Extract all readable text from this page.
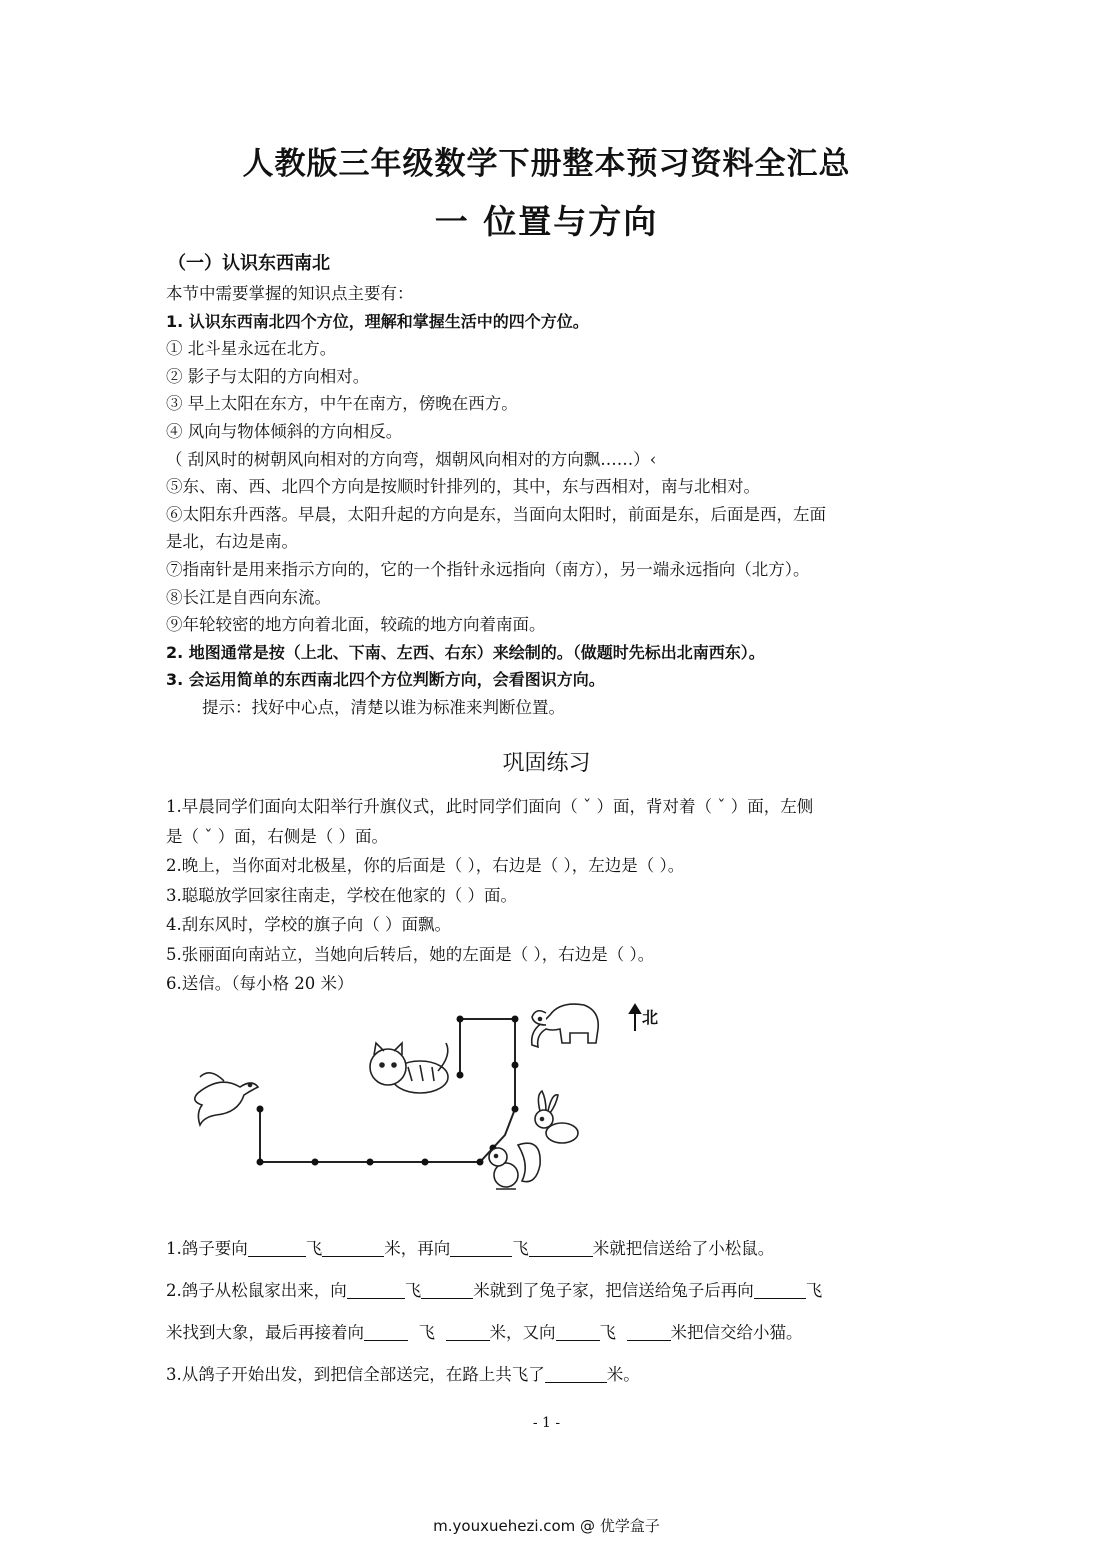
人教版三年级数学下册整本预习资料全汇总
一 位置与方向
（一）认识东西南北

本节中需要掌握的知识点主要有：

1. 认识东西南北四个方位，理解和掌握生活中的四个方位。

① 北斗星永远在北方。

② 影子与太阳的方向相对。

③ 早上太阳在东方，中午在南方，傍晚在西方。

④ 风向与物体倾斜的方向相反。

（ 刮风时的树朝风向相对的方向弯，烟朝风向相对的方向飘……）‹

⑤东、南、西、北四个方向是按顺时针排列的，其中，东与西相对，南与北相对。

⑥太阳东升西落。早晨，太阳升起的方向是东，当面向太阳时，前面是东，后面是西，左面

是北，右边是南。

⑦指南针是用来指示方向的，它的一个指针永远指向（南方），另一端永远指向（北方）。

⑧长江是自西向东流。

⑨年轮较密的地方向着北面，较疏的地方向着南面。

2. 地图通常是按（上北、下南、左西、右东）来绘制的。（做题时先标出北南西东）。

3. 会运用简单的东西南北四个方位判断方向，会看图识方向。

提示：找好中心点，清楚以谁为标准来判断位置。

巩固练习

1.早晨同学们面向太阳举行升旗仪式，此时同学们面向（ ˇ ）面，背对着（ ˇ ）面，左侧

是（ ˇ ）面，右侧是（ ）面。

2.晚上，当你面对北极星，你的后面是（ ），右边是（ ），左边是（ ）。

3.聪聪放学回家往南走，学校在他家的（ ）面。

4.刮东风时，学校的旗子向（ ）面飘。

5.张丽面向南站立，当她向后转后，她的左面是（ ），右边是（ ）。

6.送信。（每小格 20 米）

北

1.鸽子要向	飞	米，再向	飞	米就把信送给了小松鼠。

2.鸽子从松鼠家出来，向	飞	米就到了兔子家，把信送给兔子后再向	飞

米找到大象，最后再接着向	飞	米，又向	飞	米把信交给小猫。

3.从鸽子开始出发，到把信全部送完，在路上共飞了	米。

- 1 -
m.youxuehezi.com @ 优学盒子
